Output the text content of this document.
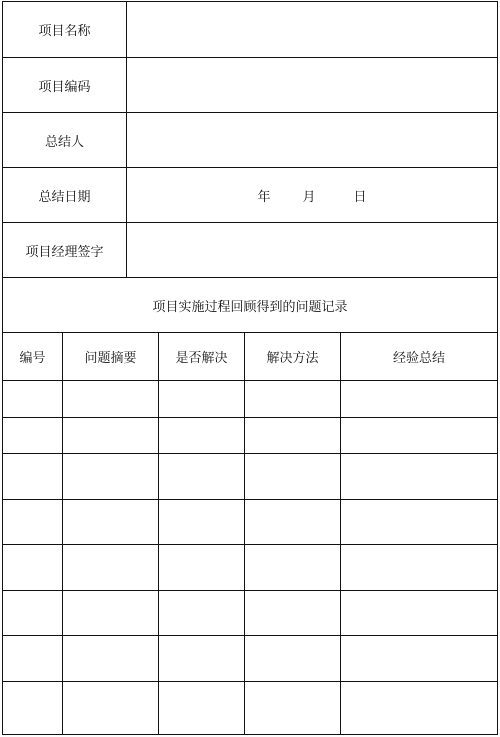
项目名称
项目编码
总结人
总结日期	年 月	日
项目经理签字
项目实施过程回顾得到的问题记录
编号	问题摘要	是否解决	解决方法	经验总结
